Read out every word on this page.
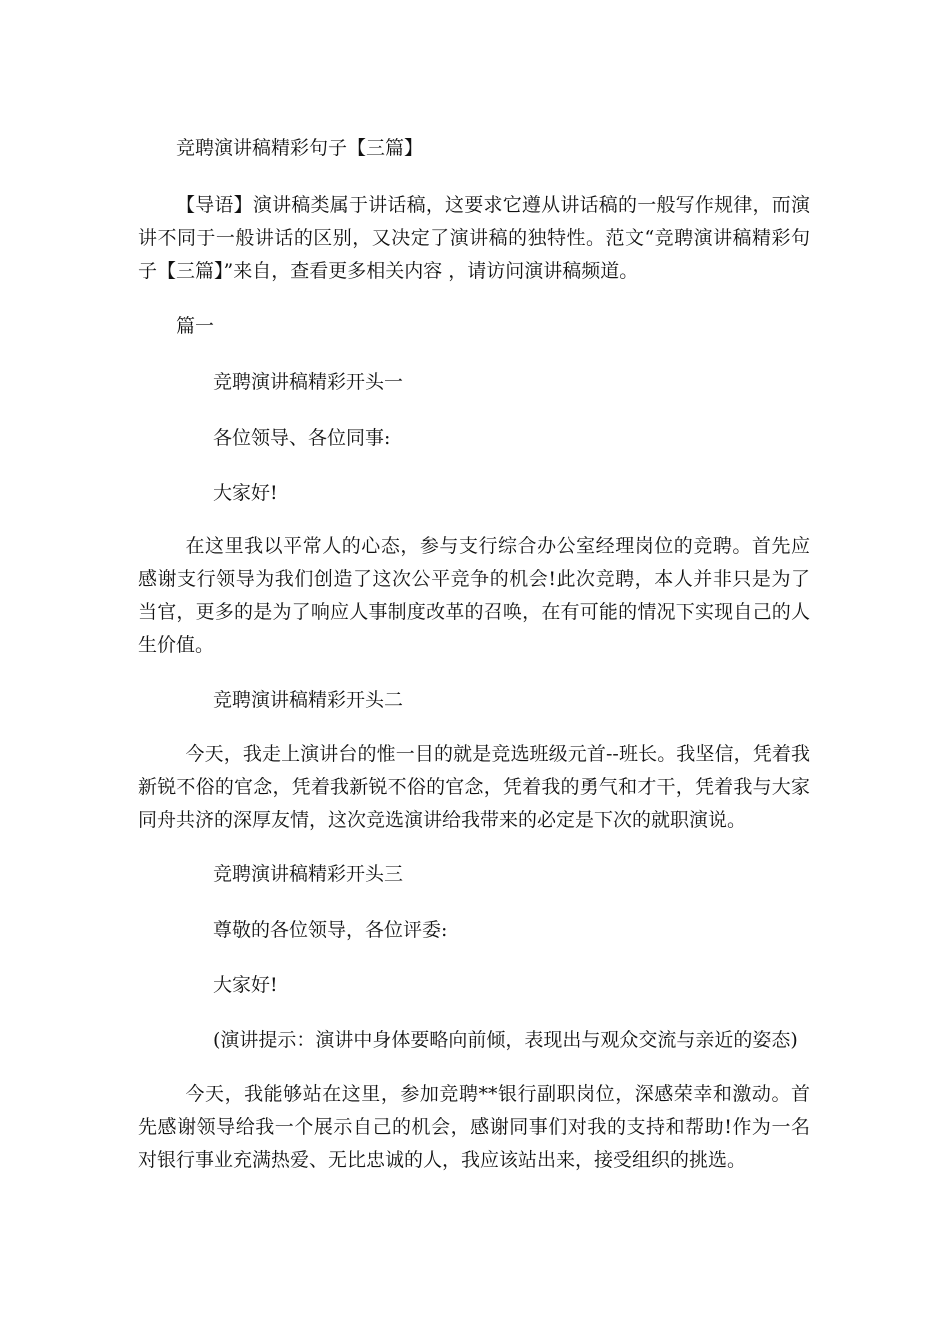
竞聘演讲稿精彩句子【三篇】
【导语】演讲稿类属于讲话稿，这要求它遵从讲话稿的一般写作规律，而演讲不同于一般讲话的区别，又决定了演讲稿的独特性。范文“竞聘演讲稿精彩句子【三篇】”来自，查看更多相关内容 ，请访问演讲稿频道。
篇一
竞聘演讲稿精彩开头一
各位领导、各位同事:
大家好!
在这里我以平常人的心态，参与支行综合办公室经理岗位的竞聘。首先应感谢支行领导为我们创造了这次公平竞争的机会!此次竞聘，本人并非只是为了当官，更多的是为了响应人事制度改革的召唤，在有可能的情况下实现自己的人生价值。
竞聘演讲稿精彩开头二
今天，我走上演讲台的惟一目的就是竞选班级元首--班长。我坚信，凭着我新锐不俗的官念，凭着我新锐不俗的官念，凭着我的勇气和才干，凭着我与大家同舟共济的深厚友情，这次竞选演讲给我带来的必定是下次的就职演说。
竞聘演讲稿精彩开头三
尊敬的各位领导，各位评委:
大家好!
(演讲提示：演讲中身体要略向前倾，表现出与观众交流与亲近的姿态)
今天，我能够站在这里，参加竞聘**银行副职岗位，深感荣幸和激动。首先感谢领导给我一个展示自己的机会，感谢同事们对我的支持和帮助!作为一名对银行事业充满热爱、无比忠诚的人，我应该站出来，接受组织的挑选。
